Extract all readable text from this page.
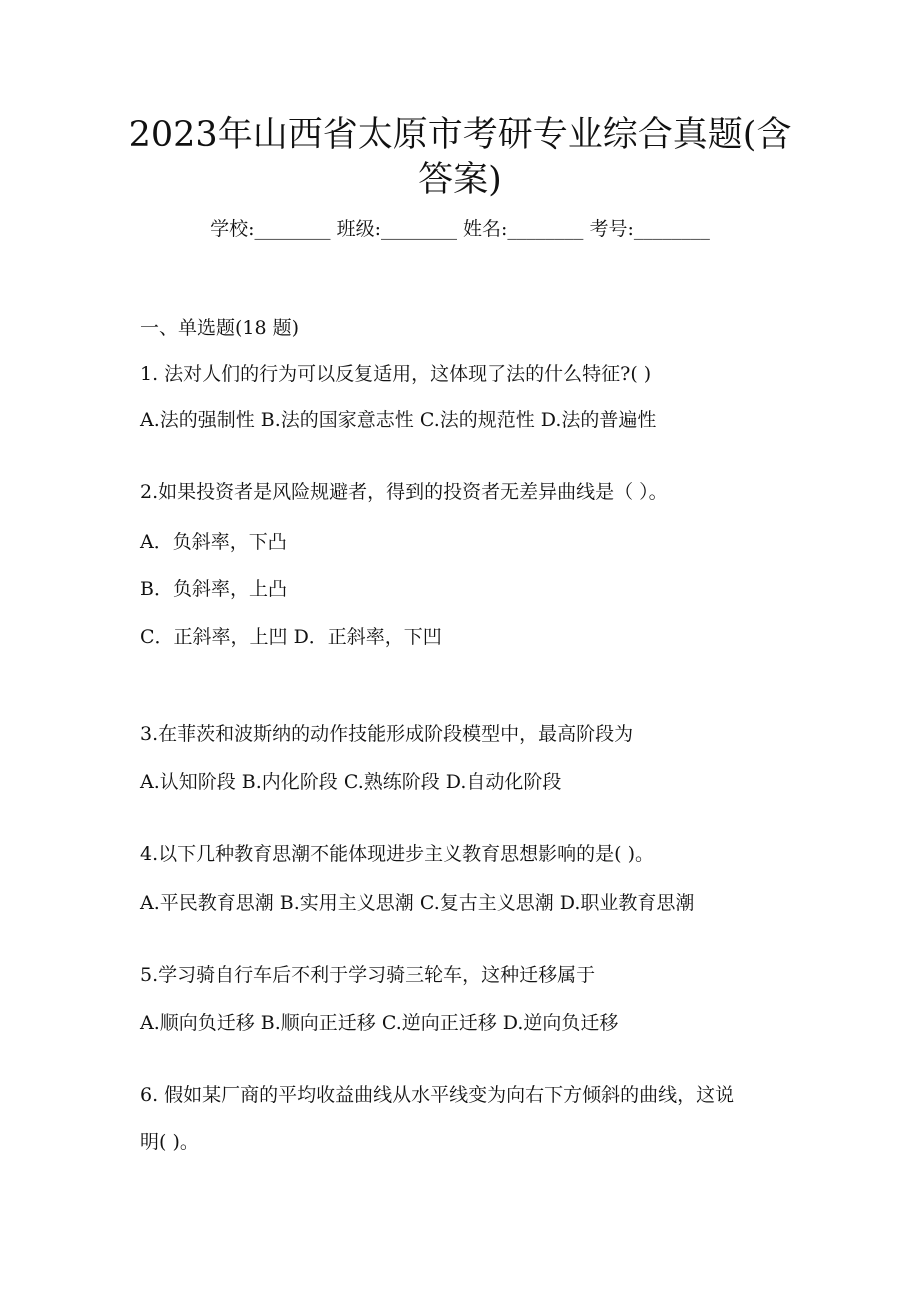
2023年山西省太原市考研专业综合真题(含
答案)
学校:________ 班级:________ 姓名:________ 考号:________
一、单选题(18 题)
1. 法对人们的行为可以反复适用，这体现了法的什么特征?( )
A.法的强制性 B.法的国家意志性 C.法的规范性 D.法的普遍性
2.如果投资者是风险规避者，得到的投资者无差异曲线是（ ）。
A．负斜率，下凸
B．负斜率，上凸
C．正斜率，上凹 D．正斜率，下凹
3.在菲茨和波斯纳的动作技能形成阶段模型中，最高阶段为
A.认知阶段 B.内化阶段 C.熟练阶段 D.自动化阶段
4.以下几种教育思潮不能体现进步主义教育思想影响的是( )。
A.平民教育思潮 B.实用主义思潮 C.复古主义思潮 D.职业教育思潮
5.学习骑自行车后不利于学习骑三轮车，这种迁移属于
A.顺向负迁移 B.顺向正迁移 C.逆向正迁移 D.逆向负迁移
6. 假如某厂商的平均收益曲线从水平线变为向右下方倾斜的曲线，这说
明( )。
